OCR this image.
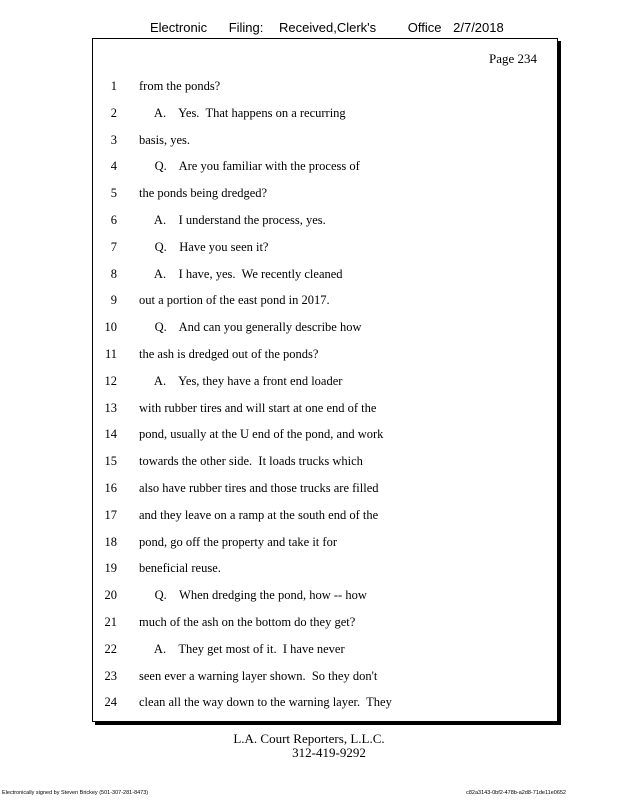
Electronic Filing: Received,Clerk's Office 2/7/2018
Page 234
1 from the ponds?
2 A.    Yes.  That happens on a recurring
3 basis, yes.
4 Q.    Are you familiar with the process of
5 the ponds being dredged?
6 A.    I understand the process, yes.
7 Q.    Have you seen it?
8 A.    I have, yes.  We recently cleaned
9 out a portion of the east pond in 2017.
10 Q.    And can you generally describe how
11 the ash is dredged out of the ponds?
12 A.    Yes, they have a front end loader
13 with rubber tires and will start at one end of the
14 pond, usually at the U end of the pond, and work
15 towards the other side.  It loads trucks which
16 also have rubber tires and those trucks are filled
17 and they leave on a ramp at the south end of the
18 pond, go off the property and take it for
19 beneficial reuse.
20 Q.    When dredging the pond, how -- how
21 much of the ash on the bottom do they get?
22 A.    They get most of it.  I have never
23 seen ever a warning layer shown.  So they don't
24 clean all the way down to the warning layer.  They
L.A. Court Reporters, L.L.C.
312-419-9292
Electronically signed by Steven Brickey (501-307-281-8473)	c82a3143-0bf2-478b-a2d8-71de11e0652
